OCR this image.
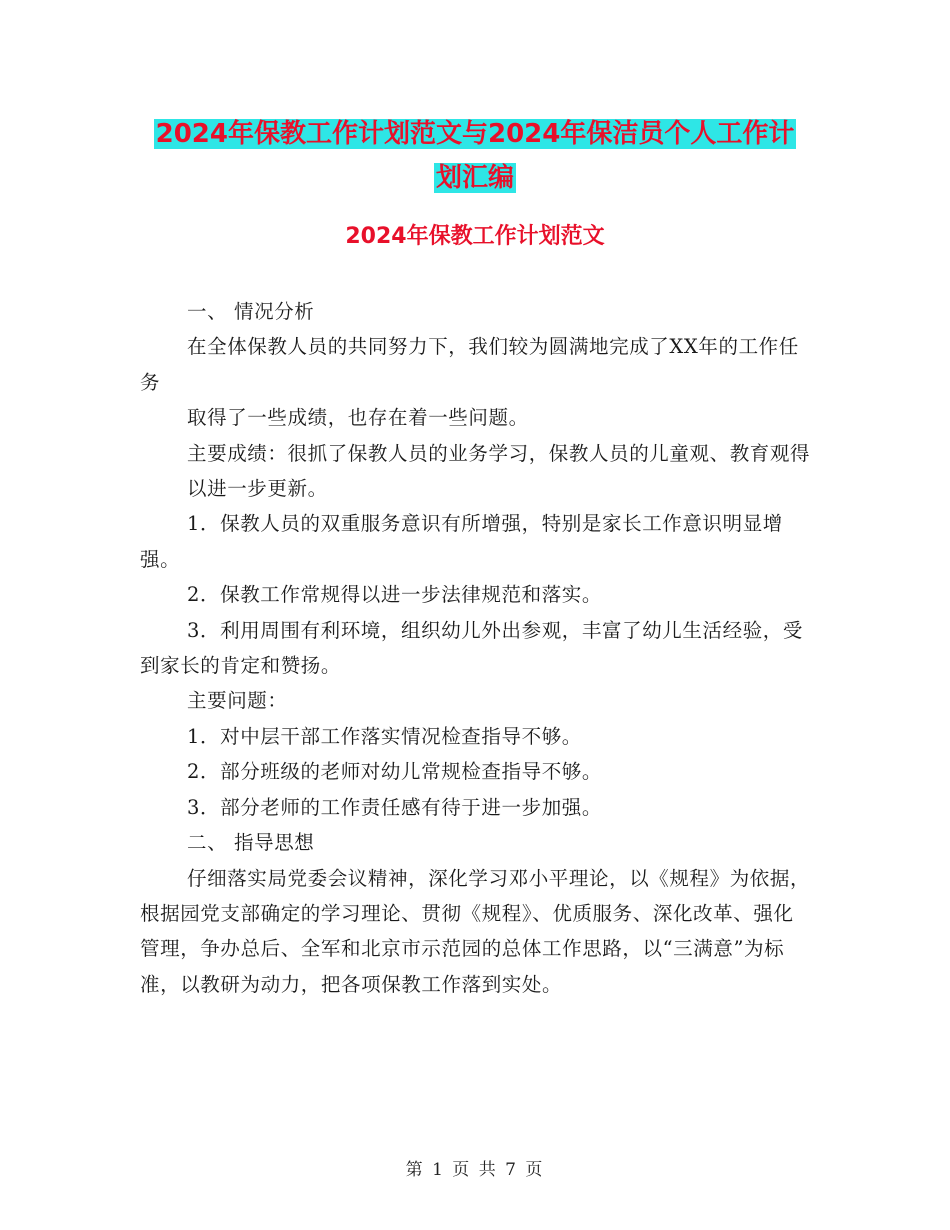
2024年保教工作计划范文与2024年保洁员个人工作计
划汇编
2024年保教工作计划范文

一、 情况分析

在全体保教人员的共同努力下，我们较为圆满地完成了XX年的工作任务

取得了一些成绩，也存在着一些问题。

主要成绩：很抓了保教人员的业务学习，保教人员的儿童观、教育观得

以进一步更新。

1．保教人员的双重服务意识有所增强，特别是家长工作意识明显增强。

2．保教工作常规得以进一步法律规范和落实。

3．利用周围有利环境，组织幼儿外出参观，丰富了幼儿生活经验，受到家长的肯定和赞扬。

主要问题：

1．对中层干部工作落实情况检查指导不够。

2．部分班级的老师对幼儿常规检查指导不够。

3．部分老师的工作责任感有待于进一步加强。

二、 指导思想

仔细落实局党委会议精神，深化学习邓小平理论，以《规程》为依据，根据园党支部确定的学习理论、贯彻《规程》、优质服务、深化改革、强化管理，争办总后、全军和北京市示范园的总体工作思路，以“三满意”为标准，以教研为动力，把各项保教工作落到实处。

第 1 页 共 7 页
